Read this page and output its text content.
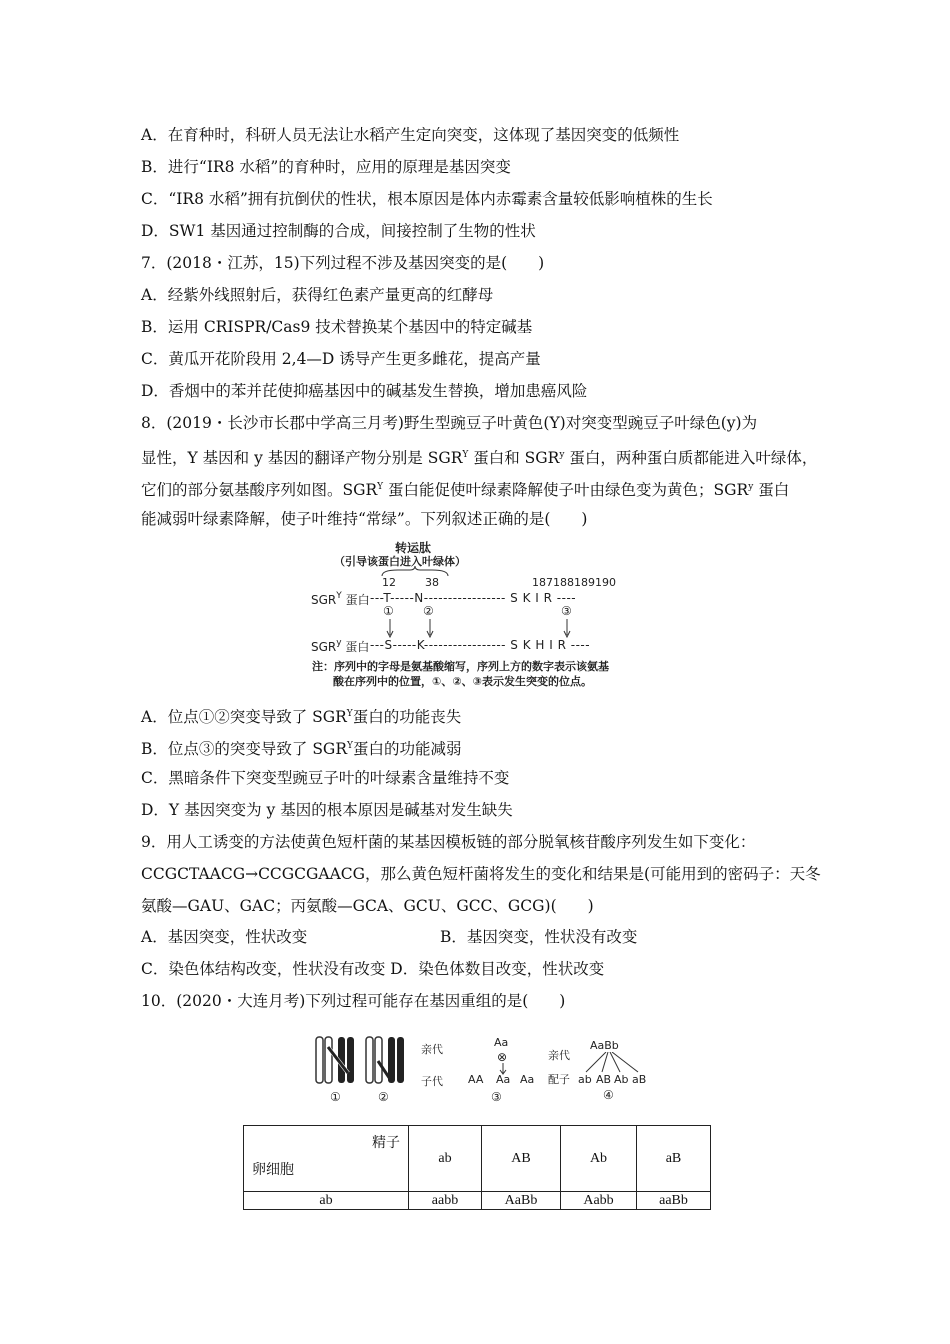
A．在育种时，科研人员无法让水稻产生定向突变，这体现了基因突变的低频性
B．进行“IR8 水稻”的育种时，应用的原理是基因突变
C．“IR8 水稻”拥有抗倒伏的性状，根本原因是体内赤霉素含量较低影响植株的生长
D．SW1 基因通过控制酶的合成，间接控制了生物的性状
7．(2018・江苏，15)下列过程不涉及基因突变的是(　　)
A．经紫外线照射后，获得红色素产量更高的红酵母
B．运用 CRISPR/Cas9 技术替换某个基因中的特定碱基
C．黄瓜开花阶段用 2,4—D 诱导产生更多雌花，提高产量
D．香烟中的苯并芘使抑癌基因中的碱基发生替换，增加患癌风险
8．(2019・长沙市长郡中学高三月考)野生型豌豆子叶黄色(Y)对突变型豌豆子叶绿色(y)为
显性，Y 基因和 y 基因的翻译产物分别是 $SGR^Y$ 蛋白和 SGR$^y$ 蛋白，两种蛋白质都能进入叶绿体，
它们的部分氨基酸序列如图。$SGR^Y$ 蛋白能促使叶绿素降解使子叶由绿色变为黄色；SGR$^y$ 蛋白
能减弱叶绿素降解，使子叶维持“常绿”。下列叙述正确的是(　　)
转运肽
（引导该蛋白进入叶绿体）
12	38	187188189190
$SGR^Y$ 蛋白 ---T-----N----------------- S K I R ----
① ②	③
SGR$^y$ 蛋白 ---S-----K----------------- S K H I R ----
注：序列中的字母是氨基酸缩写，序列上方的数字表示该氨基
酸在序列中的位置，①、②、③表示发生突变的位点。
A．位点①②突变导致了 $SGR^Y$蛋白的功能丧失
B．位点③的突变导致了 $SGR^Y$蛋白的功能减弱
C．黑暗条件下突变型豌豆子叶的叶绿素含量维持不变
D．Y 基因突变为 y 基因的根本原因是碱基对发生缺失
9．用人工诱变的方法使黄色短杆菌的某基因模板链的部分脱氧核苷酸序列发生如下变化：
CCGCTAACG→CCGCGAACG，那么黄色短杆菌将发生的变化和结果是(可能用到的密码子：天冬
氨酸—GAU、GAC；丙氨酸—GCA、GCU、GCC、GCG)(　　)
A．基因突变，性状改变	B．基因突变，性状没有改变
C．染色体结构改变，性状没有改变 D．染色体数目改变，性状改变
10．(2020・大连月考)下列过程可能存在基因重组的是(　　)
①	②
亲代
子代
Aa
⊗
AA Aa Aa
③
亲代
配子
AaBb
ab AB Ab aB
④
精子
卵细胞	ab	AB	Ab	aB
ab	aabb	AaBb	Aabb	aaBb
